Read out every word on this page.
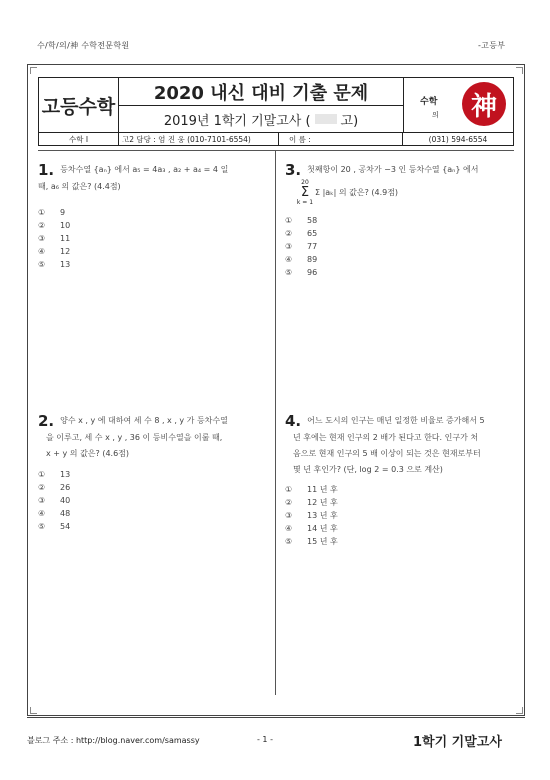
수/학/의/神 수학전문학원	-고등부
고등수학
2020 내신 대비 기출 문제
2019년 1학기 기말고사 ( 고)
수학
의 神
수학 I	고2 담당 : 엄 진 웅 (010-7101-6554)	이 름 :	(031) 594-6554
1. 등차수열 {aₙ} 에서 a₅ = 4a₃ , a₂ + a₄ = 4 일
때, a₆ 의 값은? (4.4점)
①	9
②	10
③	11
④	12
⑤	13
3. 첫째항이 20 , 공차가 −3 인 등차수열 {aₙ} 에서
20
Σ
k = 1
Σ |aₖ| 의 값은? (4.9점)
①	58
②	65
③	77
④	89
⑤	96
2. 양수 x , y 에 대하여 세 수 8 , x , y 가 등차수열
을 이루고, 세 수 x , y , 36 이 등비수열을 이룰 때,
x + y 의 값은? (4.6점)
①	13
②	26
③	40
④	48
⑤	54
4. 어느 도시의 인구는 매년 일정한 비율로 증가해서 5
년 후에는 현재 인구의 2 배가 된다고 한다. 인구가 처
음으로 현재 인구의 5 배 이상이 되는 것은 현재로부터
몇 년 후인가? (단, log 2 = 0.3 으로 계산)
①	11 년 후
②	12 년 후
③	13 년 후
④	14 년 후
⑤	15 년 후
블로그 주소 : http://blog.naver.com/samassy	- 1 -	1학기 기말고사
